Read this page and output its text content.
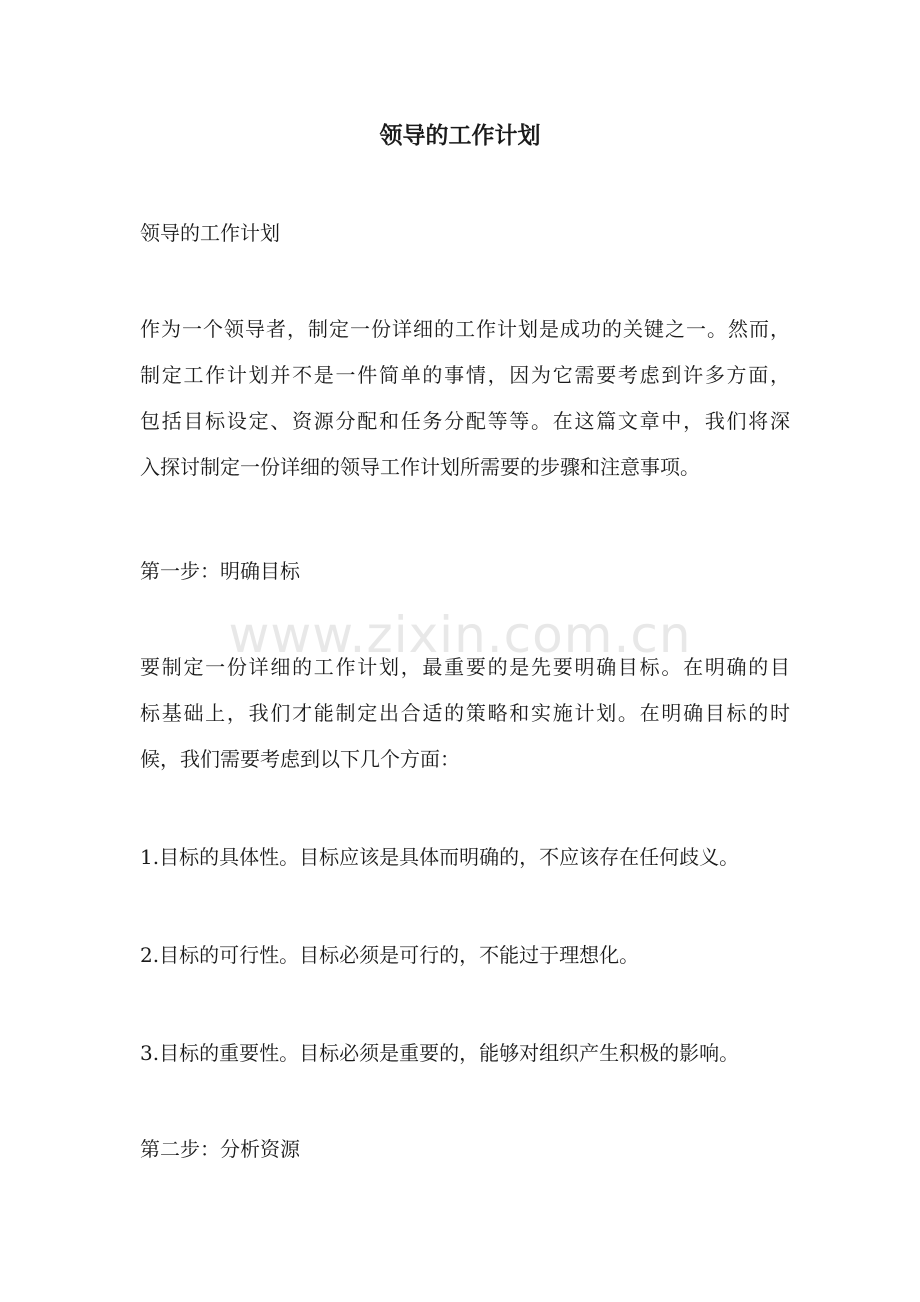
领导的工作计划

领导的工作计划

作为一个领导者，制定一份详细的工作计划是成功的关键之一。然而，
制定工作计划并不是一件简单的事情，因为它需要考虑到许多方面，
包括目标设定、资源分配和任务分配等等。在这篇文章中，我们将深
入探讨制定一份详细的领导工作计划所需要的步骤和注意事项。

第一步：明确目标

www.zixin.com.cn
要制定一份详细的工作计划，最重要的是先要明确目标。在明确的目
标基础上，我们才能制定出合适的策略和实施计划。在明确目标的时
候，我们需要考虑到以下几个方面：

1.目标的具体性。目标应该是具体而明确的，不应该存在任何歧义。

2.目标的可行性。目标必须是可行的，不能过于理想化。

3.目标的重要性。目标必须是重要的，能够对组织产生积极的影响。

第二步：分析资源
